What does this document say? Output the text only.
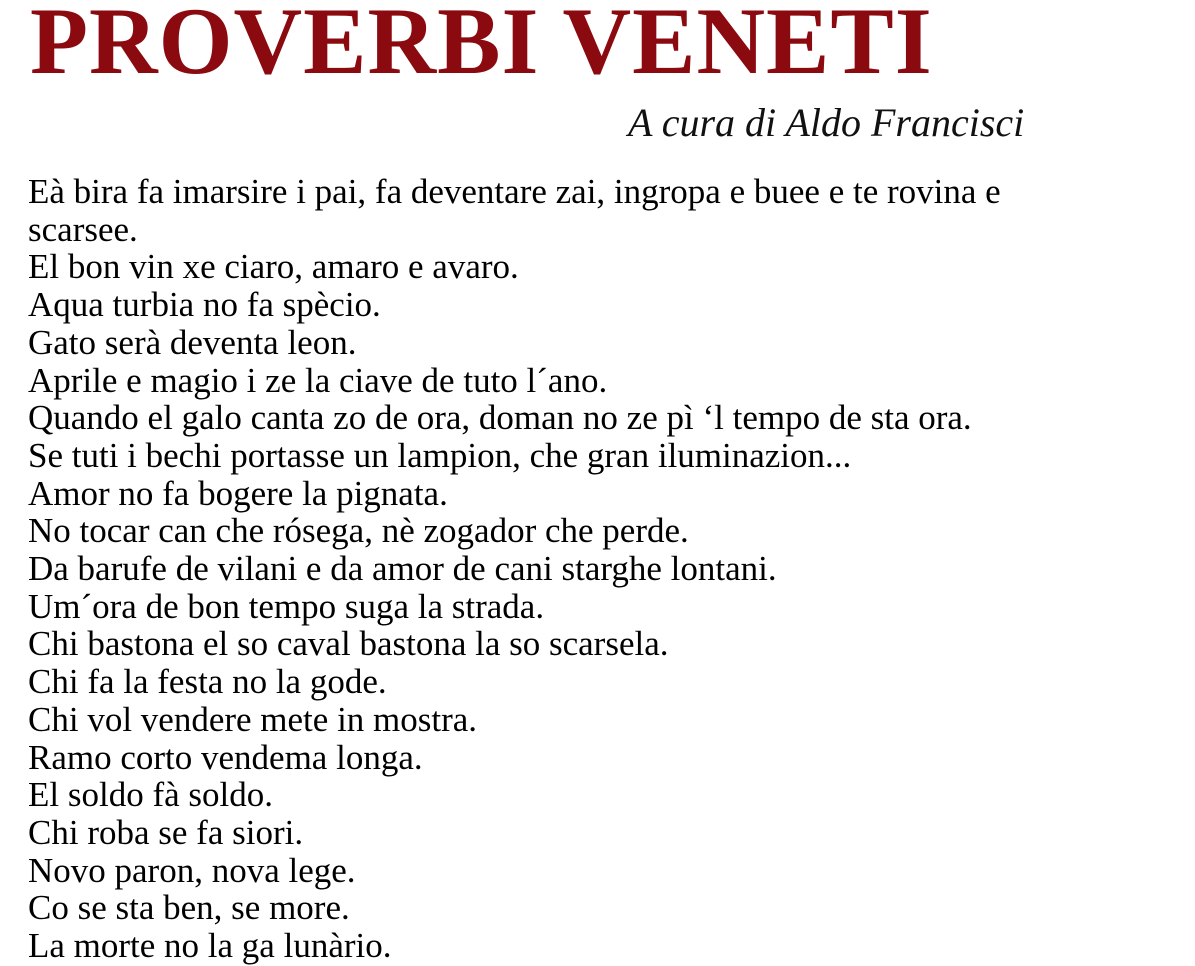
PROVERBI VENETI
A cura di Aldo Francisci
Eà bira fa imarsire i pai, fa deventare zai, ingropa e buee e te rovina e scarsee.
El bon vin xe ciaro, amaro e avaro.
Aqua turbia no fa spècio.
Gato serà deventa leon.
Aprile e magio i ze la ciave de tuto l´ano.
Quando el galo canta zo de ora, doman no ze pì ‘l tempo de sta ora.
Se tuti i bechi portasse un lampion, che gran iluminazion...
Amor no fa bogere la pignata.
No tocar can che rósega, nè zogador che perde.
Da barufe de vilani e da amor de cani starghe lontani.
Um´ora de bon tempo suga la strada.
Chi bastona el so caval bastona la so scarsela.
Chi fa la festa no la gode.
Chi vol vendere mete in mostra.
Ramo corto vendema longa.
El soldo fà soldo.
Chi roba se fa siori.
Novo paron, nova lege.
Co se sta ben, se more.
La morte no la ga lunàrio.
